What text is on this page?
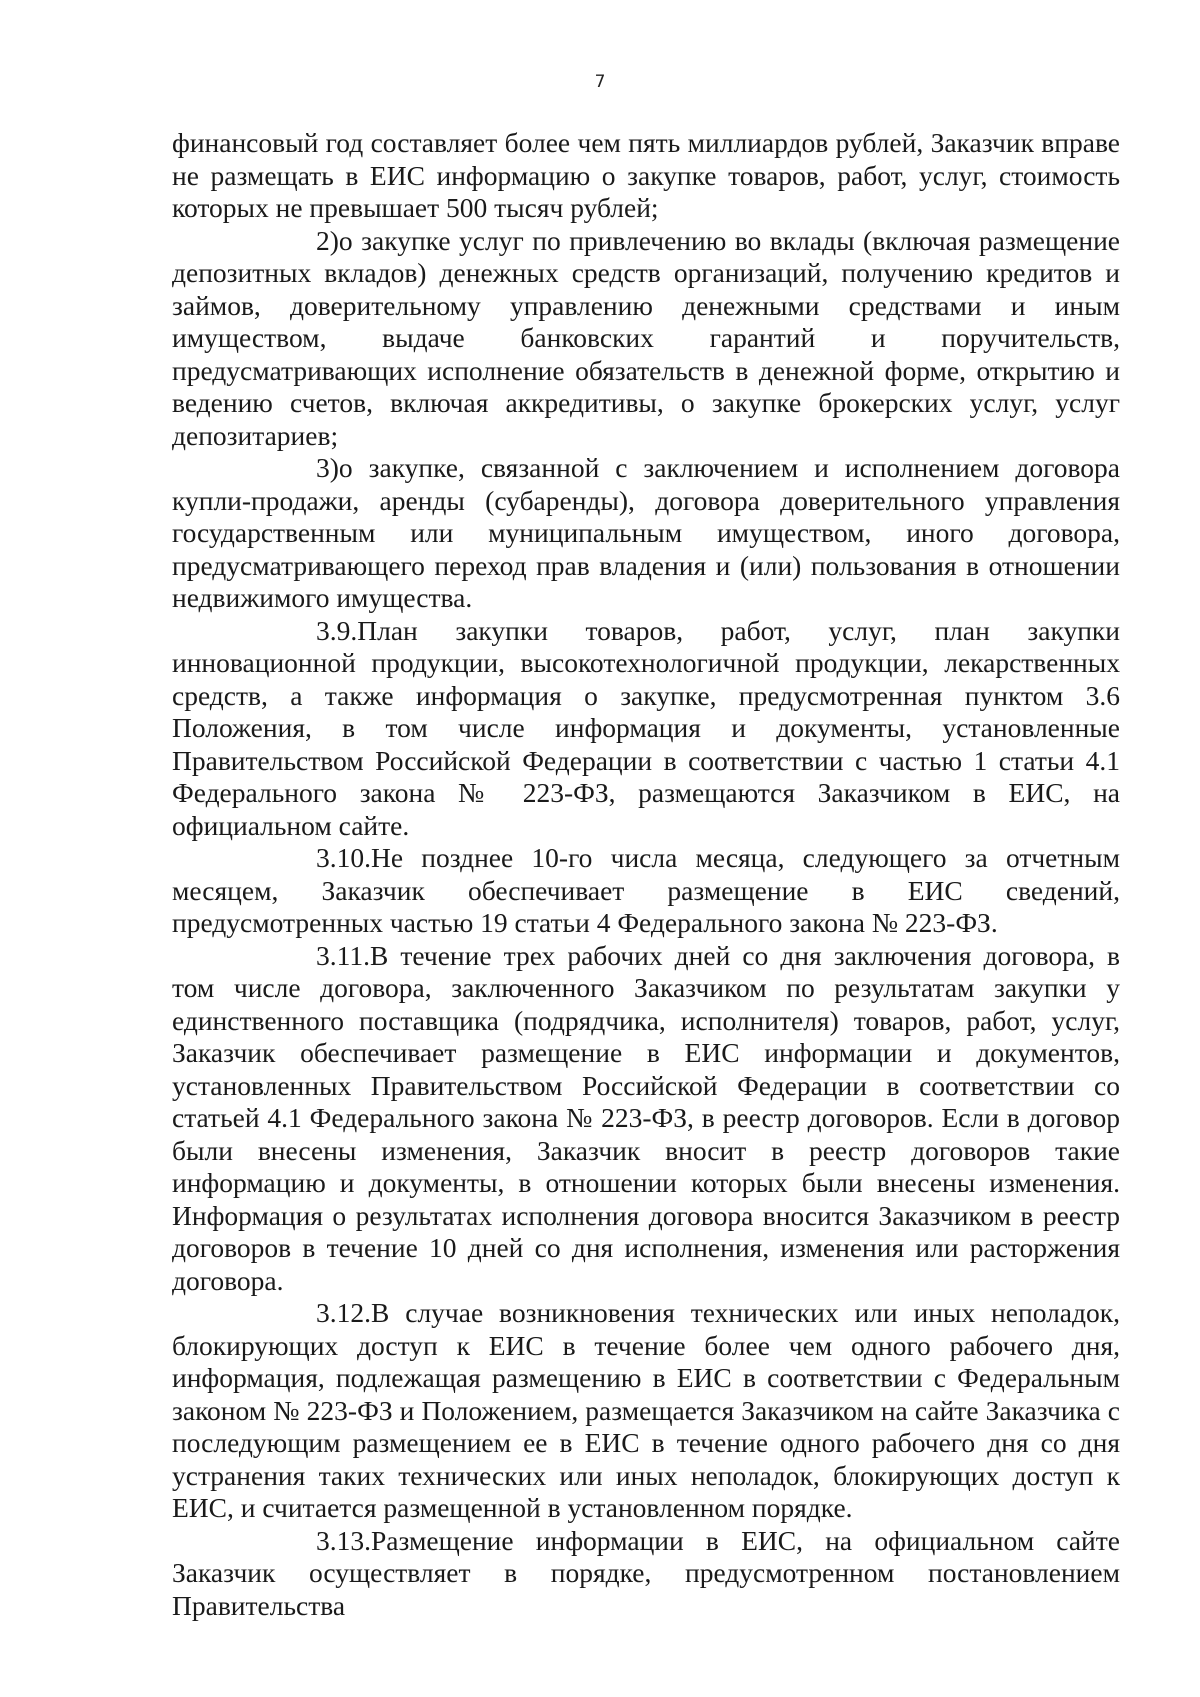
7

финансовый год составляет более чем пять миллиардов рублей, Заказчик вправе не размещать в ЕИС информацию о закупке товаров, работ, услуг, стоимость которых не превышает 500 тысяч рублей;

2)о закупке услуг по привлечению во вклады (включая размещение депозитных вкладов) денежных средств организаций, получению кредитов и займов, доверительному управлению денежными средствами и иным имуществом, выдаче банковских гарантий и поручительств, предусматривающих исполнение обязательств в денежной форме, открытию и ведению счетов, включая аккредитивы, о закупке брокерских услуг, услуг депозитариев;

3)о закупке, связанной с заключением и исполнением договора купли-продажи, аренды (субаренды), договора доверительного управления государственным или муниципальным имуществом, иного договора, предусматривающего переход прав владения и (или) пользования в отношении недвижимого имущества.

3.9.План закупки товаров, работ, услуг, план закупки инновационной продукции, высокотехнологичной продукции, лекарственных средств, а также информация о закупке, предусмотренная пунктом 3.6 Положения, в том числе информация и документы, установленные Правительством Российской Федерации в соответствии с частью 1 статьи 4.1 Федерального закона № 223-ФЗ, размещаются Заказчиком в ЕИС, на официальном сайте.

3.10.Не позднее 10-го числа месяца, следующего за отчетным месяцем, Заказчик обеспечивает размещение в ЕИС сведений, предусмотренных частью 19 статьи 4 Федерального закона № 223-ФЗ.

3.11.В течение трех рабочих дней со дня заключения договора, в том числе договора, заключенного Заказчиком по результатам закупки у единственного поставщика (подрядчика, исполнителя) товаров, работ, услуг, Заказчик обеспечивает размещение в ЕИС информации и документов, установленных Правительством Российской Федерации в соответствии со статьей 4.1 Федерального закона № 223-ФЗ, в реестр договоров. Если в договор были внесены изменения, Заказчик вносит в реестр договоров такие информацию и документы, в отношении которых были внесены изменения. Информация о результатах исполнения договора вносится Заказчиком в реестр договоров в течение 10 дней со дня исполнения, изменения или расторжения договора.

3.12.В случае возникновения технических или иных неполадок, блокирующих доступ к ЕИС в течение более чем одного рабочего дня, информация, подлежащая размещению в ЕИС в соответствии с Федеральным законом № 223-ФЗ и Положением, размещается Заказчиком на сайте Заказчика с последующим размещением ее в ЕИС в течение одного рабочего дня со дня устранения таких технических или иных неполадок, блокирующих доступ к ЕИС, и считается размещенной в установленном порядке.

3.13.Размещение информации в ЕИС, на официальном сайте Заказчик осуществляет в порядке, предусмотренном постановлением Правительства
